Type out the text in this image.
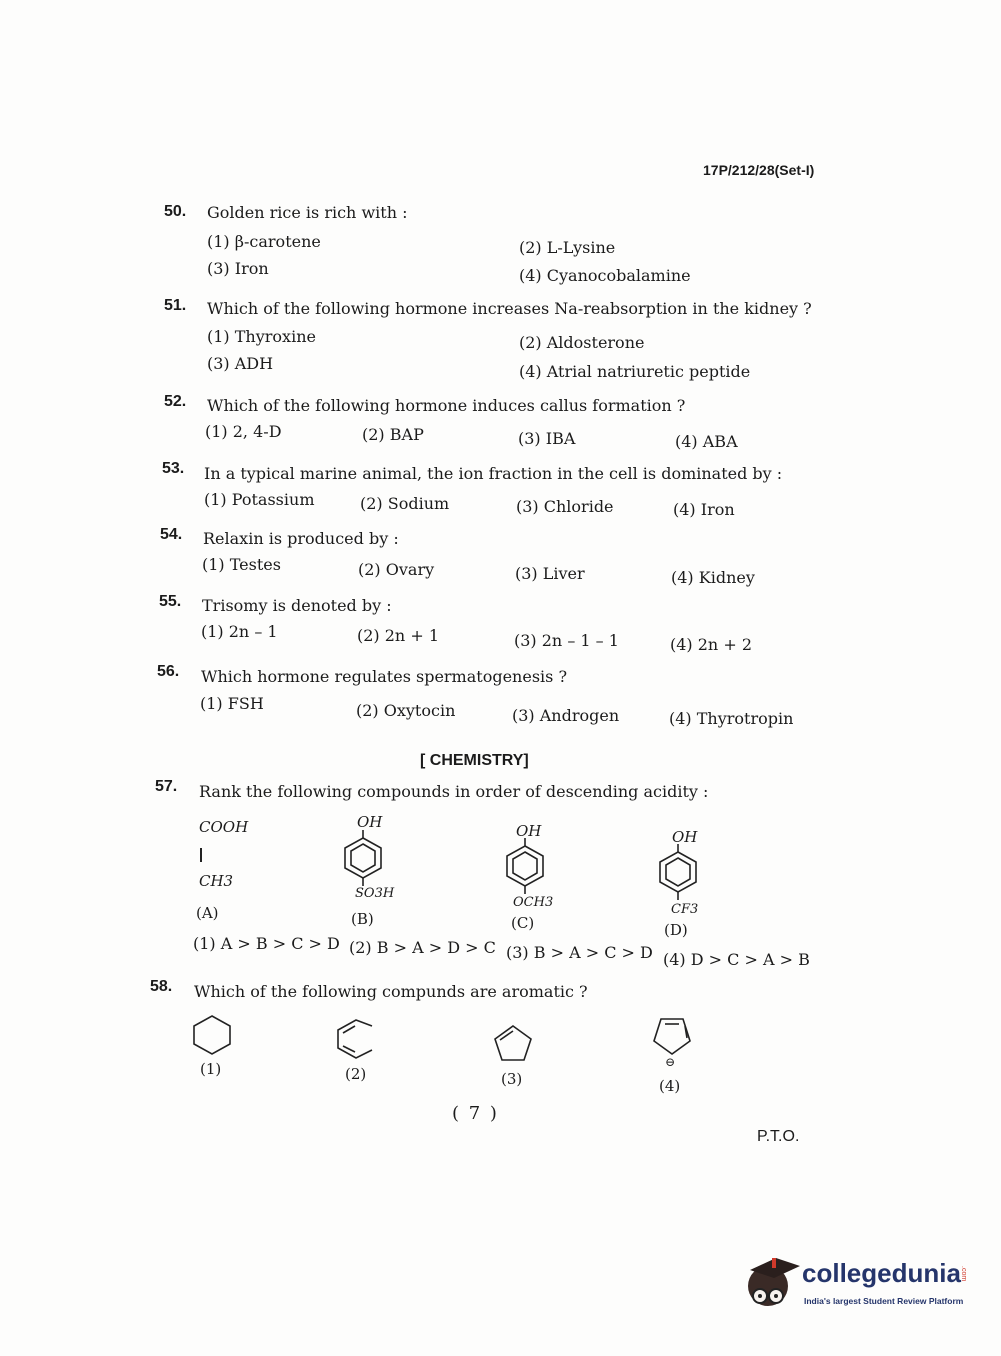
17P/212/28(Set-I)
50. Golden rice is rich with :
(1) β-carotene	(2) L-Lysine
(3) Iron	(4) Cyanocobalamine
51. Which of the following hormone increases Na-reabsorption in the kidney ?
(1) Thyroxine	(2) Aldosterone
(3) ADH	(4) Atrial natriuretic peptide
52. Which of the following hormone induces callus formation ?
(1) 2, 4-D	(2) BAP	(3) IBA	(4) ABA
53. In a typical marine animal, the ion fraction in the cell is dominated by :
(1) Potassium	(2) Sodium	(3) Chloride	(4) Iron
54. Relaxin is produced by :
(1) Testes	(2) Ovary	(3) Liver	(4) Kidney
55. Trisomy is denoted by :
(1) 2n – 1	(2) 2n + 1	(3) 2n – 1 – 1	(4) 2n + 2
56. Which hormone regulates spermatogenesis ?
(1) FSH	(2) Oxytocin	(3) Androgen	(4) Thyrotropin
[ CHEMISTRY]
57. Rank the following compounds in order of descending acidity :
COOH
CH3
(A)
OH
SO3H
(B)
OH
OCH3
(C)
OH
CF3
(D)
(1) A > B > C > D (2) B > A > D > C (3) B > A > C > D (4) D > C > A > B
58. Which of the following compunds are aromatic ?
(1)	(2)	(3)
⊖
(4)
( 7 )
P.T.O.
collegedunia .com
India's largest Student Review Platform
